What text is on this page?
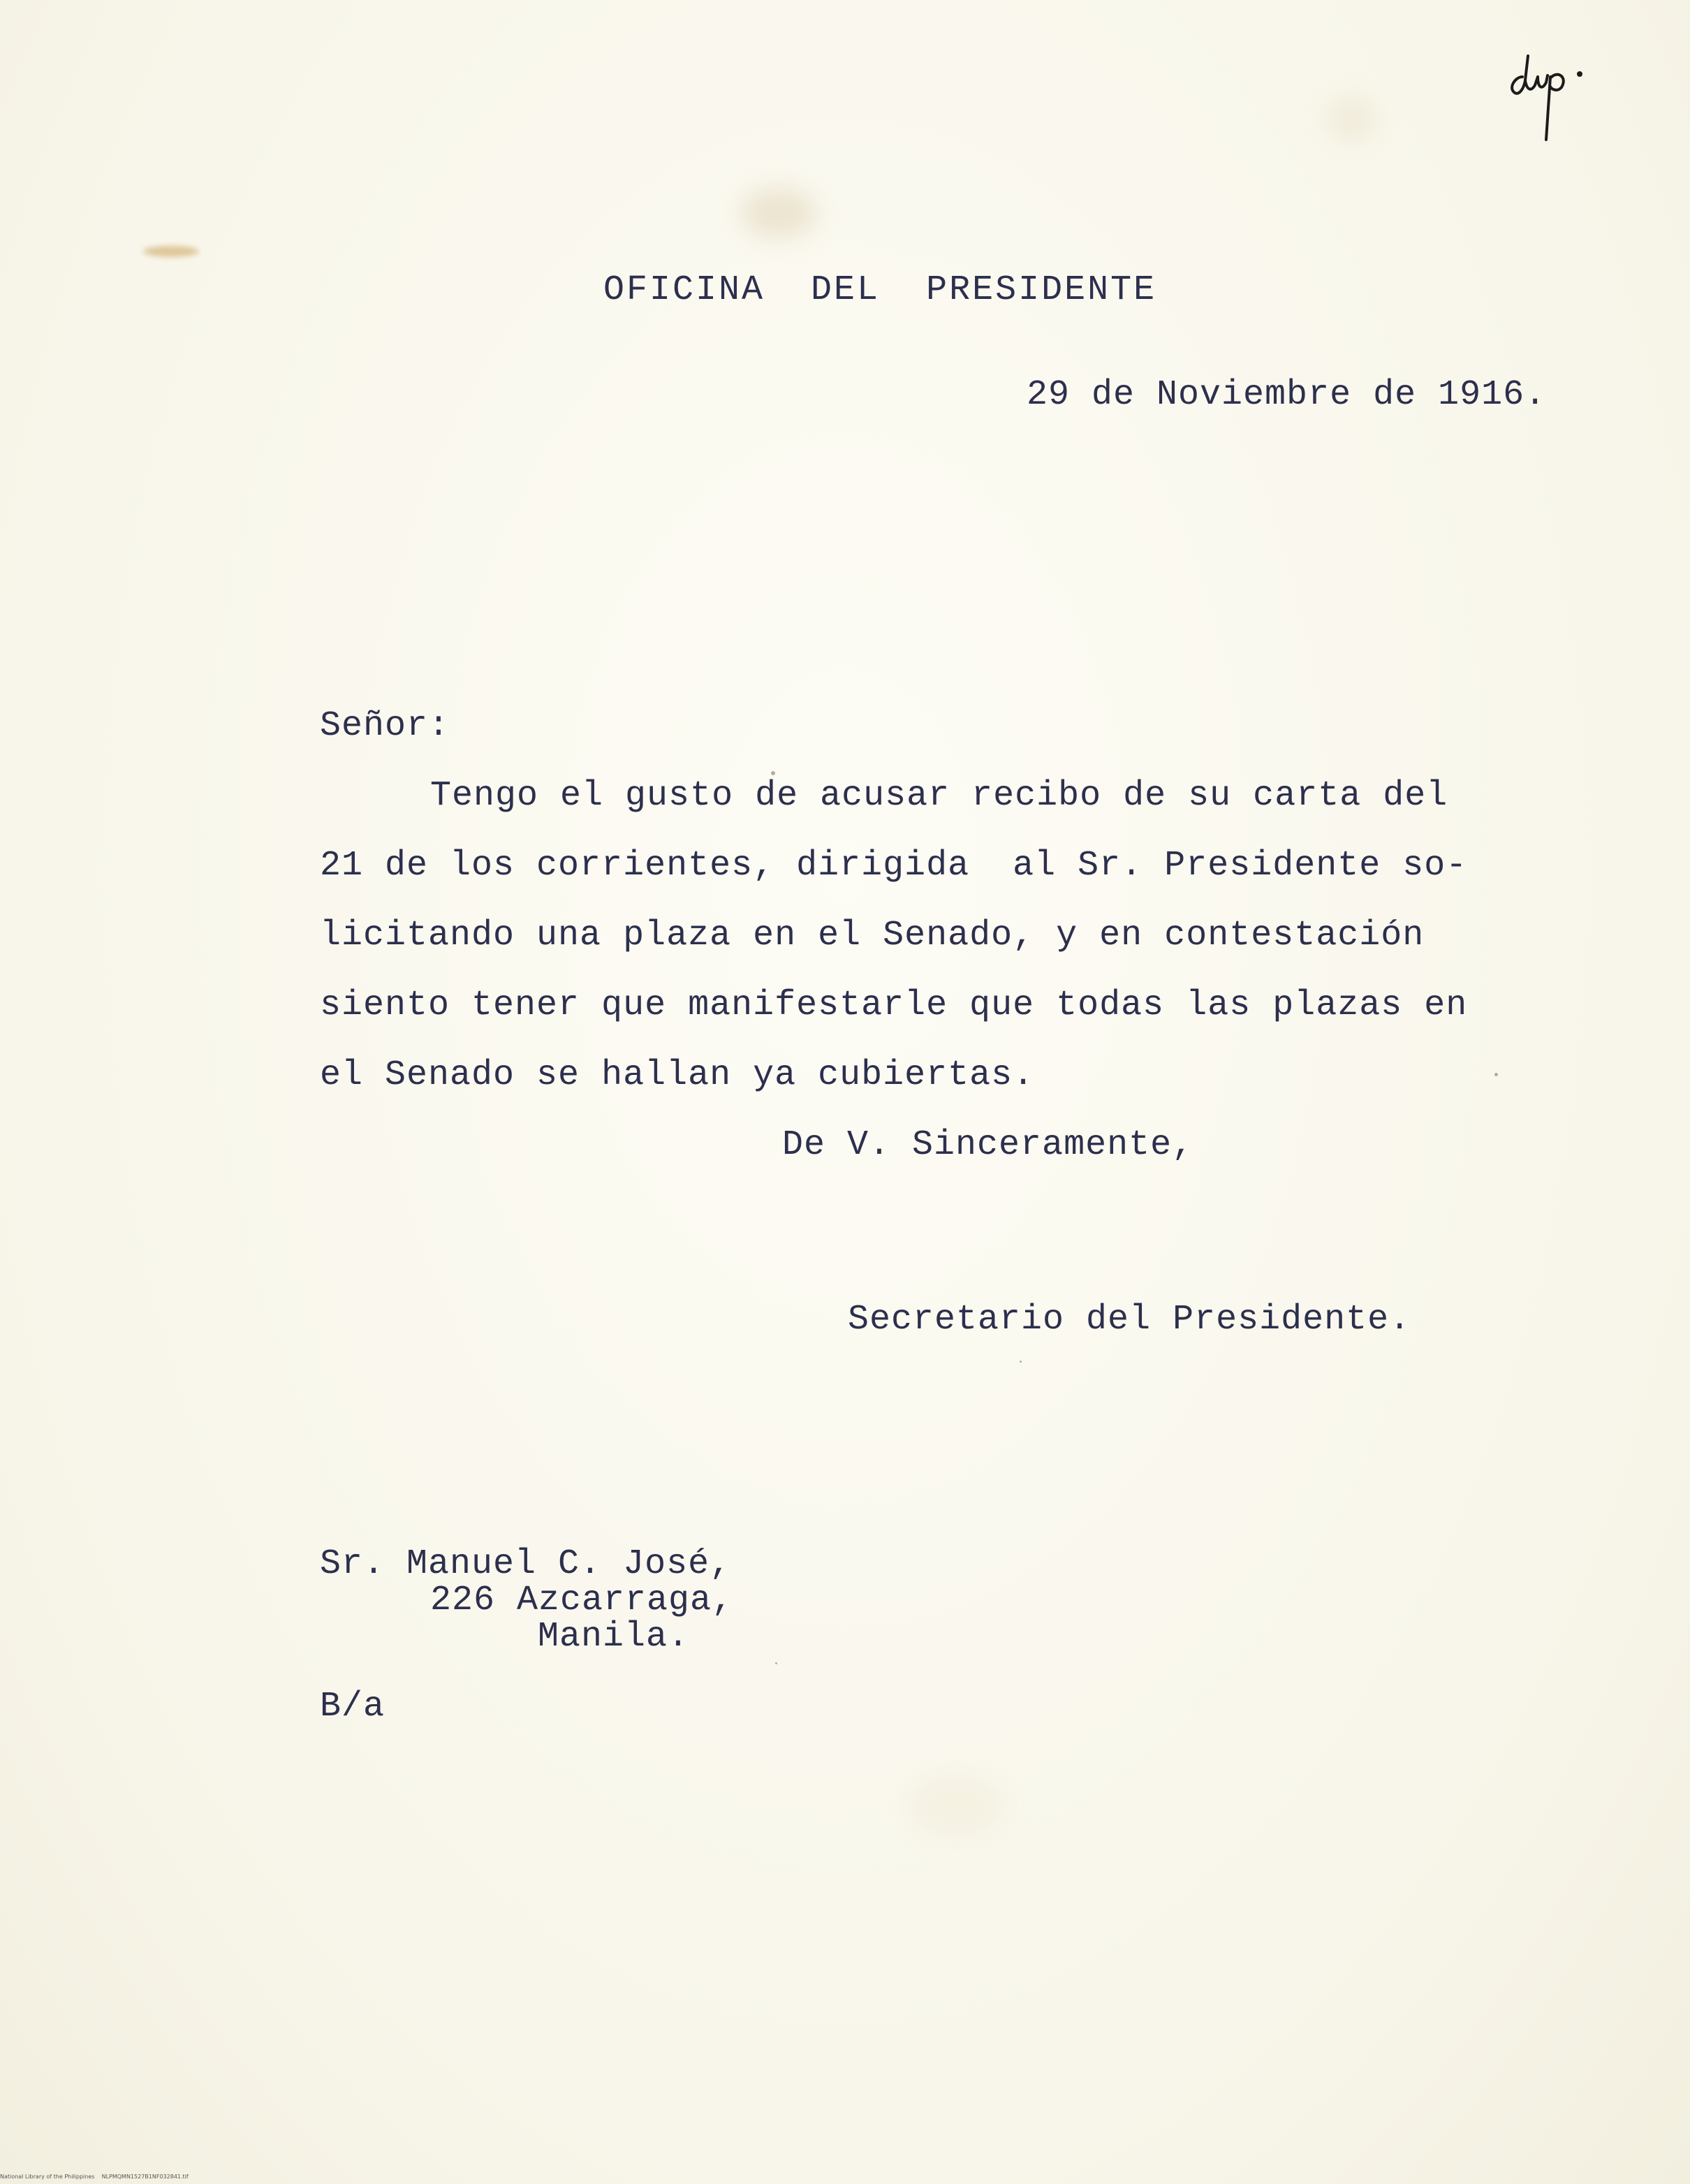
OFICINA  DEL  PRESIDENTE
29 de Noviembre de 1916.
Señor:
Tengo el gusto de acusar recibo de su carta del
21 de los corrientes, dirigida  al Sr. Presidente so-
licitando una plaza en el Senado, y en contestación
siento tener que manifestarle que todas las plazas en
el Senado se hallan ya cubiertas.
De V. Sinceramente,
Secretario del Presidente.
Sr. Manuel C. José,
226 Azcarraga,
Manila.
B/a
National Library of the Philippines    NLPMQMN1527B1NF032841.tif
